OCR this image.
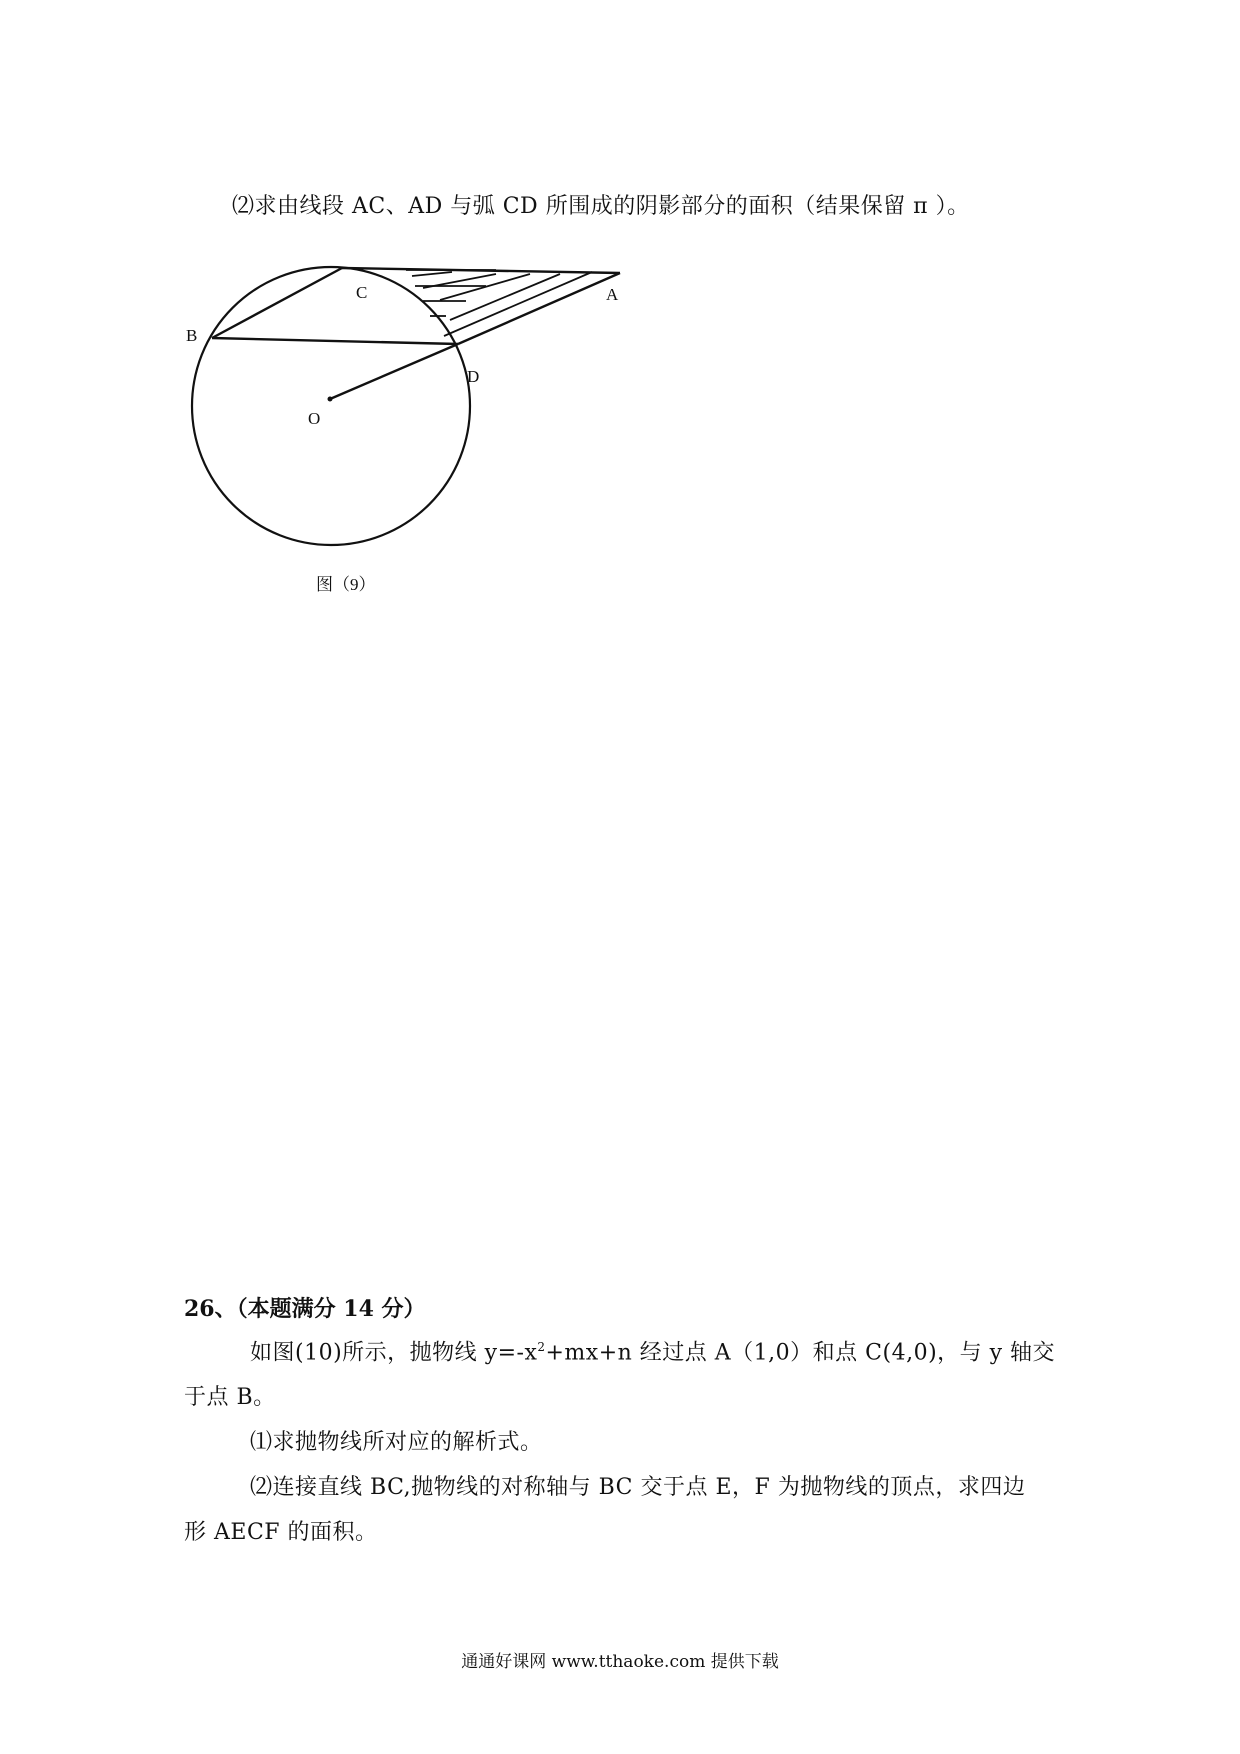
⑵求由线段 AC、AD 与弧 CD 所围成的阴影部分的面积（结果保留 π ）。
C	A
B
D
O
图（9）
26、（本题满分 14 分）
如图(10)所示，抛物线 $y=-x^2+mx+n$ 经过点 A（1,0）和点 C(4,0)，与 y 轴交
于点 B。
⑴求抛物线所对应的解析式。
⑵连接直线 BC,抛物线的对称轴与 BC 交于点 E，F 为抛物线的顶点，求四边
形 AECF 的面积。
通通好课网 www.tthaoke.com 提供下载
